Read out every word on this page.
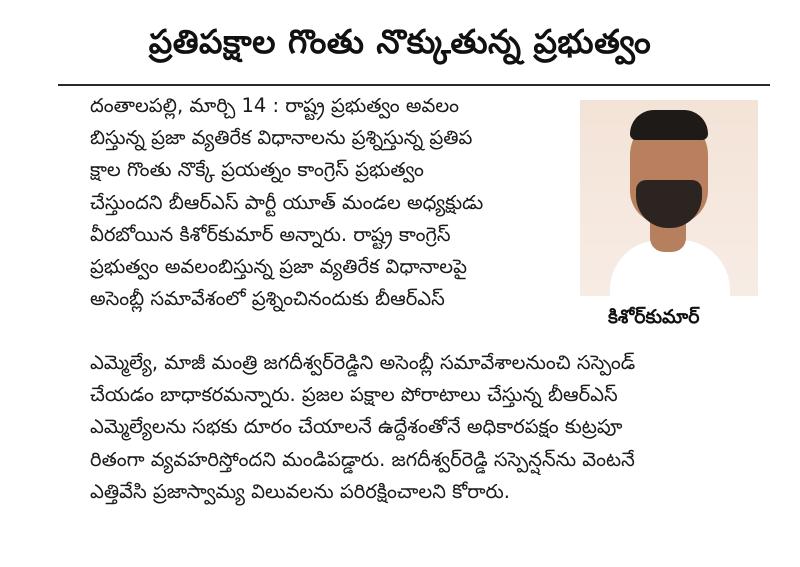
ప్రతిపక్షాల గొంతు నొక్కుతున్న ప్రభుత్వం
దంతాలపల్లి, మార్చి 14 : రాష్ట్ర ప్రభుత్వం అవలం
బిస్తున్న ప్రజా వ్యతిరేక విధానాలను ప్రశ్నిస్తున్న ప్రతిప
క్షాల గొంతు నొక్కే ప్రయత్నం కాంగ్రెస్ ప్రభుత్వం
చేస్తుందని బీఆర్ఎస్ పార్టీ యూత్ మండల అధ్యక్షుడు
వీరబోయిన కిశోర్‌కుమార్ అన్నారు. రాష్ట్ర కాంగ్రెస్
ప్రభుత్వం అవలంబిస్తున్న ప్రజా వ్యతిరేక విధానాలపై
అసెంబ్లీ సమావేశంలో ప్రశ్నించినందుకు బీఆర్ఎస్
కిశోర్‌కుమార్
ఎమ్మెల్యే, మాజీ మంత్రి జగదీశ్వర్‌రెడ్డిని అసెంబ్లీ సమావేశాలనుంచి సస్పెండ్
చేయడం బాధాకరమన్నారు. ప్రజల పక్షాల పోరాటాలు చేస్తున్న బీఆర్ఎస్
ఎమ్మెల్యేలను సభకు దూరం చేయాలనే ఉద్దేశంతోనే అధికారపక్షం కుట్రపూ
రితంగా వ్యవహరిస్తోందని మండిపడ్డారు. జగదీశ్వర్‌రెడ్డి సస్పెన్షన్‌ను వెంటనే
ఎత్తివేసి ప్రజాస్వామ్య విలువలను పరిరక్షించాలని కోరారు.
